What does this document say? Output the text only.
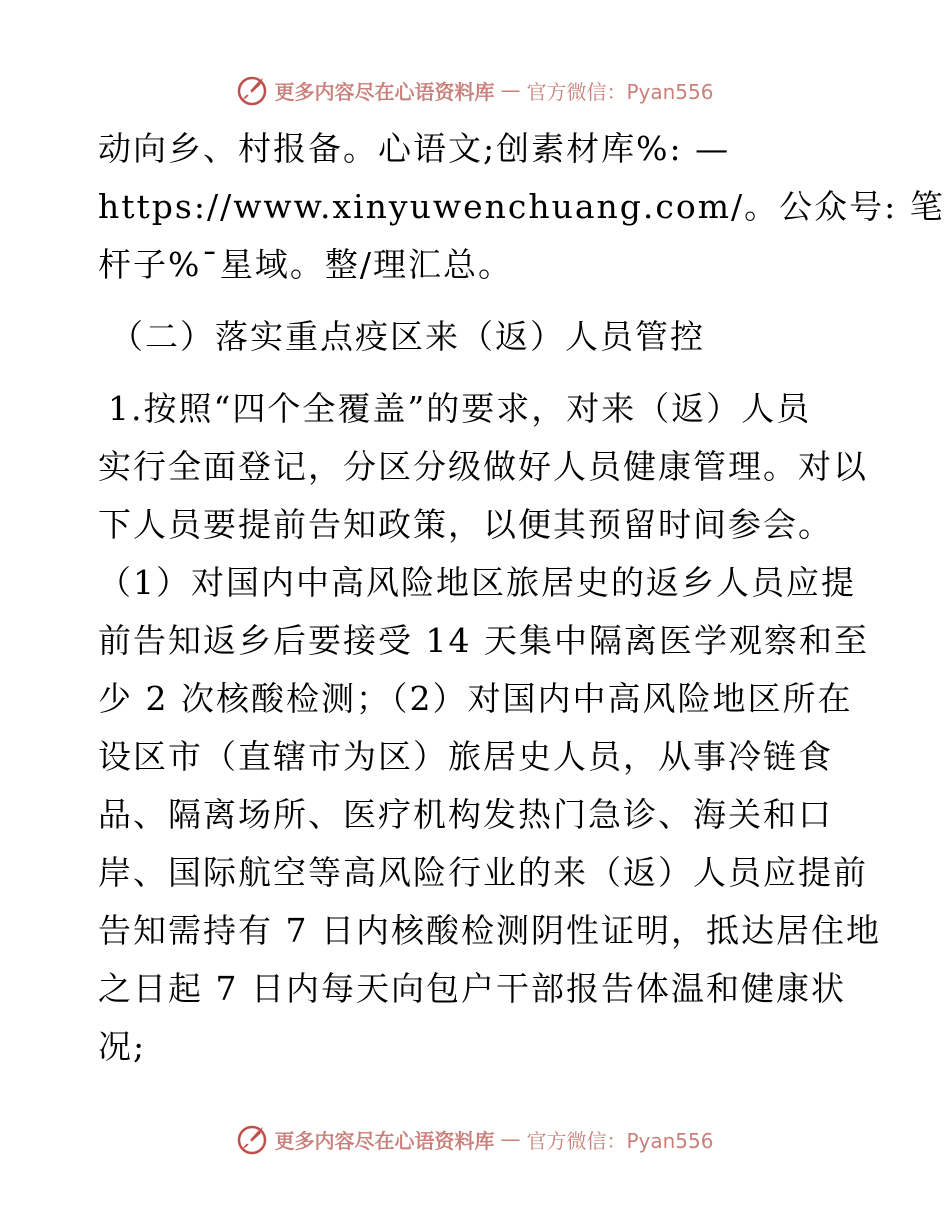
更多内容尽在心语资料库 — 官方微信：Pyan556
动向乡、村报备。心语文;创素材库%: —
https://www.xinyuwenchuang.com/。公众号: 笔
杆子%¯星域。整/理汇总。
（二）落实重点疫区来（返）人员管控
1.按照“四个全覆盖”的要求，对来（返）人员
实行全面登记，分区分级做好人员健康管理。对以
下人员要提前告知政策，以便其预留时间参会。
（1）对国内中高风险地区旅居史的返乡人员应提
前告知返乡后要接受 14 天集中隔离医学观察和至
少 2 次核酸检测；（2）对国内中高风险地区所在
设区市（直辖市为区）旅居史人员，从事冷链食
品、隔离场所、医疗机构发热门急诊、海关和口
岸、国际航空等高风险行业的来（返）人员应提前
告知需持有 7 日内核酸检测阴性证明，抵达居住地
之日起 7 日内每天向包户干部报告体温和健康状
况;
更多内容尽在心语资料库 — 官方微信：Pyan556
